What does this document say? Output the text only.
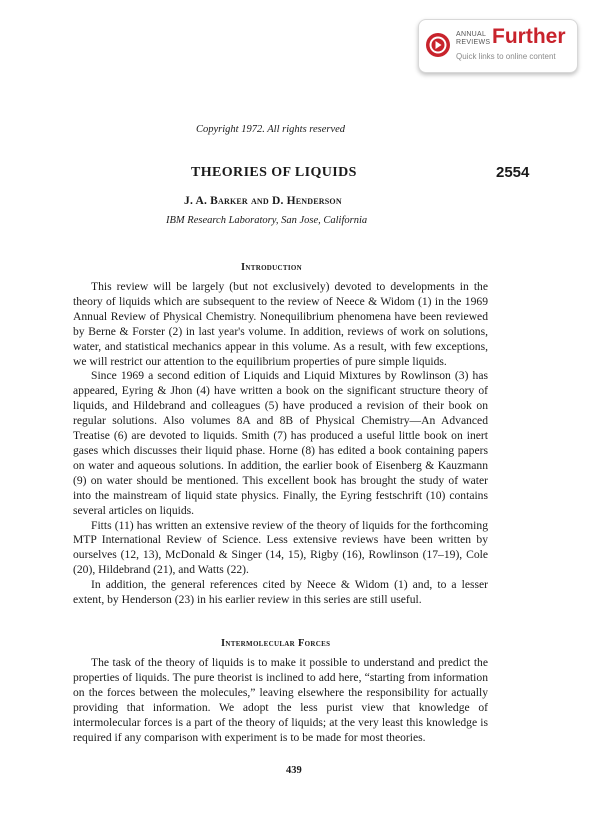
ANNUAL
REVIEWS Further
Quick links to online content
Copyright 1972. All rights reserved
THEORIES OF LIQUIDS	2554
J. A. Barker and D. Henderson
IBM Research Laboratory, San Jose, California
Introduction

This review will be largely (but not exclusively) devoted to developments in the theory of liquids which are subsequent to the review of Neece & Widom (1) in the 1969 Annual Review of Physical Chemistry. Nonequilibrium phenomena have been reviewed by Berne & Forster (2) in last year's volume. In addition, reviews of work on solutions, water, and statistical mechanics appear in this volume. As a result, with few exceptions, we will restrict our attention to the equilibrium properties of pure simple liquids.

Since 1969 a second edition of Liquids and Liquid Mixtures by Rowlinson (3) has appeared, Eyring & Jhon (4) have written a book on the significant structure theory of liquids, and Hildebrand and colleagues (5) have produced a revision of their book on regular solutions. Also volumes 8A and 8B of Physical Chemistry—An Advanced Treatise (6) are devoted to liquids. Smith (7) has produced a useful little book on inert gases which discusses their liquid phase. Horne (8) has edited a book containing papers on water and aqueous solutions. In addition, the earlier book of Eisenberg & Kauzmann (9) on water should be mentioned. This excellent book has brought the study of water into the mainstream of liquid state physics. Finally, the Eyring festschrift (10) contains several articles on liquids.

Fitts (11) has written an extensive review of the theory of liquids for the forthcoming MTP International Review of Science. Less extensive reviews have been written by ourselves (12, 13), McDonald & Singer (14, 15), Rigby (16), Rowlinson (17–19), Cole (20), Hildebrand (21), and Watts (22).

In addition, the general references cited by Neece & Widom (1) and, to a lesser extent, by Henderson (23) in his earlier review in this series are still useful.

Intermolecular Forces

The task of the theory of liquids is to make it possible to understand and predict the properties of liquids. The pure theorist is inclined to add here, “starting from information on the forces between the molecules,” leaving elsewhere the responsibility for actually providing that information. We adopt the less purist view that knowledge of intermolecular forces is a part of the theory of liquids; at the very least this knowledge is required if any comparison with experiment is to be made for most theories.

439
